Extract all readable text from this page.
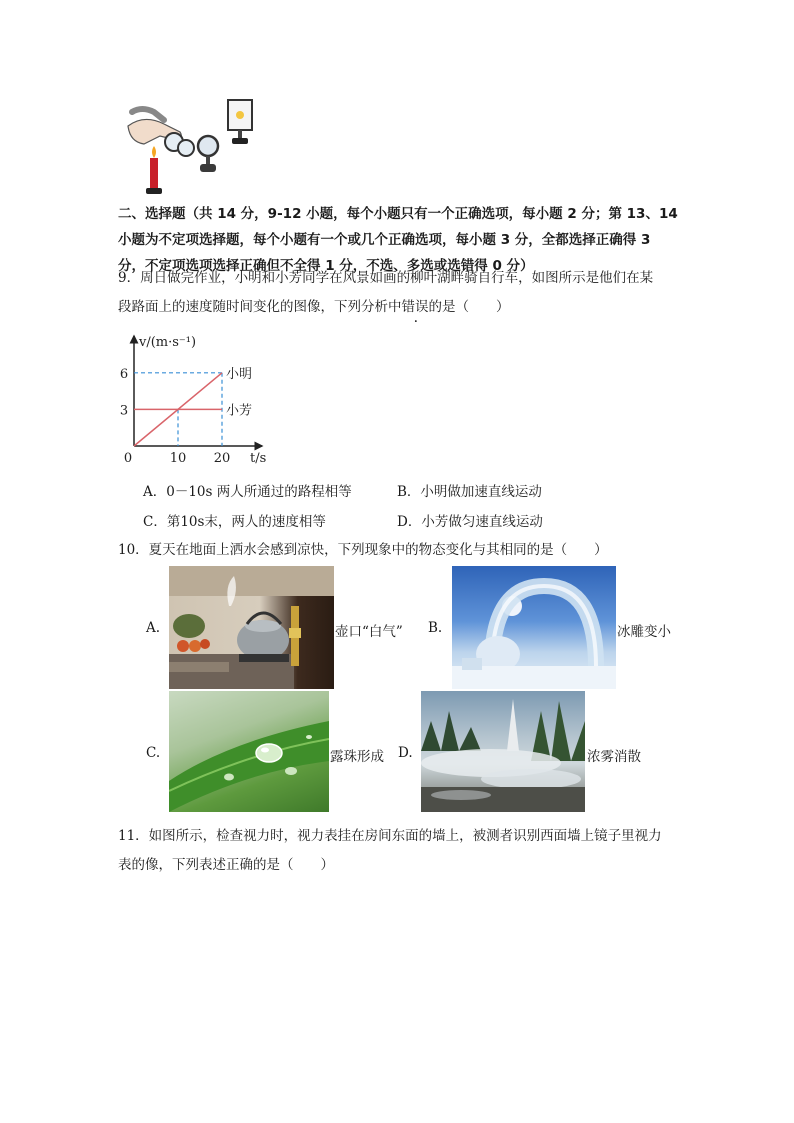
二、选择题（共 14 分，9-12 小题，每个小题只有一个正确选项，每小题 2 分；第 13、14
小题为不定项选择题，每个小题有一个或几个正确选项，每小题 3 分，全都选择正确得 3
分，不定项选项选择正确但不全得 1 分，不选、多选或选错得 0 分）
9．周日做完作业，小明和小芳同学在风景如画的柳叶湖畔骑自行车，如图所示是他们在某
段路面上的速度随时间变化的图像，下列分析中错误的是（　　）
v/(m·s⁻¹)
t/s
0	10 20
3
6	小明
小芳
A．0－10s 两人所通过的路程相等	B．小明做加速直线运动
C．第10s末，两人的速度相等	D．小芳做匀速直线运动
10．夏天在地面上洒水会感到凉快，下列现象中的物态变化与其相同的是（　　）
A.	壶口“白气” B.	冰雕变小
C.	露珠形成 D.	浓雾消散
11．如图所示，检查视力时，视力表挂在房间东面的墙上，被测者识别西面墙上镜子里视力
表的像，下列表述正确的是（　　）
